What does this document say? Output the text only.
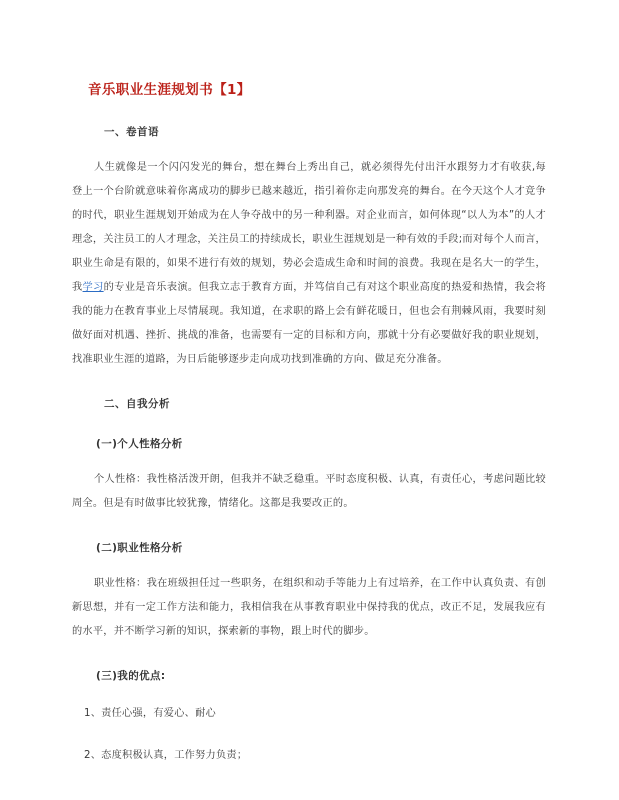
音乐职业生涯规划书【1】
一、卷首语

人生就像是一个闪闪发光的舞台，想在舞台上秀出自己，就必须得先付出汗水跟努力才有收获,每登上一个台阶就意味着你离成功的脚步已越来越近，指引着你走向那发亮的舞台。在今天这个人才竞争的时代，职业生涯规划开始成为在人争夺战中的另一种利器。对企业而言，如何体现“以人为本”的人才理念，关注员工的人才理念，关注员工的持续成长，职业生涯规划是一种有效的手段;而对每个人而言，职业生命是有限的，如果不进行有效的规划，势必会造成生命和时间的浪费。我现在是名大一的学生，我学习的专业是音乐表演。但我立志于教育方面，并笃信自己有对这个职业高度的热爱和热情，我会将我的能力在教育事业上尽情展现。我知道，在求职的路上会有鲜花暖日，但也会有荆棘风雨，我要时刻做好面对机遇、挫折、挑战的准备，也需要有一定的目标和方向，那就十分有必要做好我的职业规划，找准职业生涯的道路，为日后能够逐步走向成功找到准确的方向、做足充分准备。

二、自我分析
(一)个人性格分析

个人性格：我性格活泼开朗，但我并不缺乏稳重。平时态度积极、认真，有责任心，考虑问题比较周全。但是有时做事比较犹豫，情绪化。这都是我要改正的。

(二)职业性格分析

职业性格：我在班级担任过一些职务，在组织和动手等能力上有过培养，在工作中认真负责、有创新思想，并有一定工作方法和能力，我相信我在从事教育职业中保持我的优点，改正不足，发展我应有的水平，并不断学习新的知识，探索新的事物，跟上时代的脚步。

(三)我的优点:

1、责任心强，有爱心、耐心

2、态度积极认真，工作努力负责；
